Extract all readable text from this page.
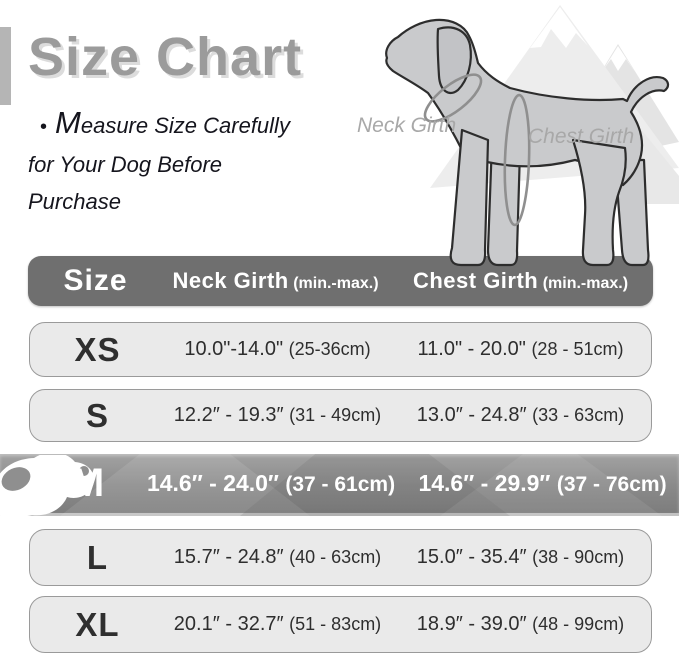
Size Chart
• Measure Size Carefully
for Your Dog Before
Purchase
Neck Girth	Chest Girth
Size	Neck Girth (min.-max.)	Chest Girth (min.-max.)
XS	10.0"-14.0" (25-36cm)	11.0" - 20.0" (28 - 51cm)
S	12.2″ - 19.3″ (31 - 49cm)	13.0″ - 24.8″ (33 - 63cm)
M	14.6″ - 24.0″ (37 - 61cm)	14.6″ - 29.9″ (37 - 76cm)
L	15.7″ - 24.8″ (40 - 63cm)	15.0″ - 35.4″ (38 - 90cm)
XL	20.1″ - 32.7″ (51 - 83cm)	18.9″ - 39.0″ (48 - 99cm)
